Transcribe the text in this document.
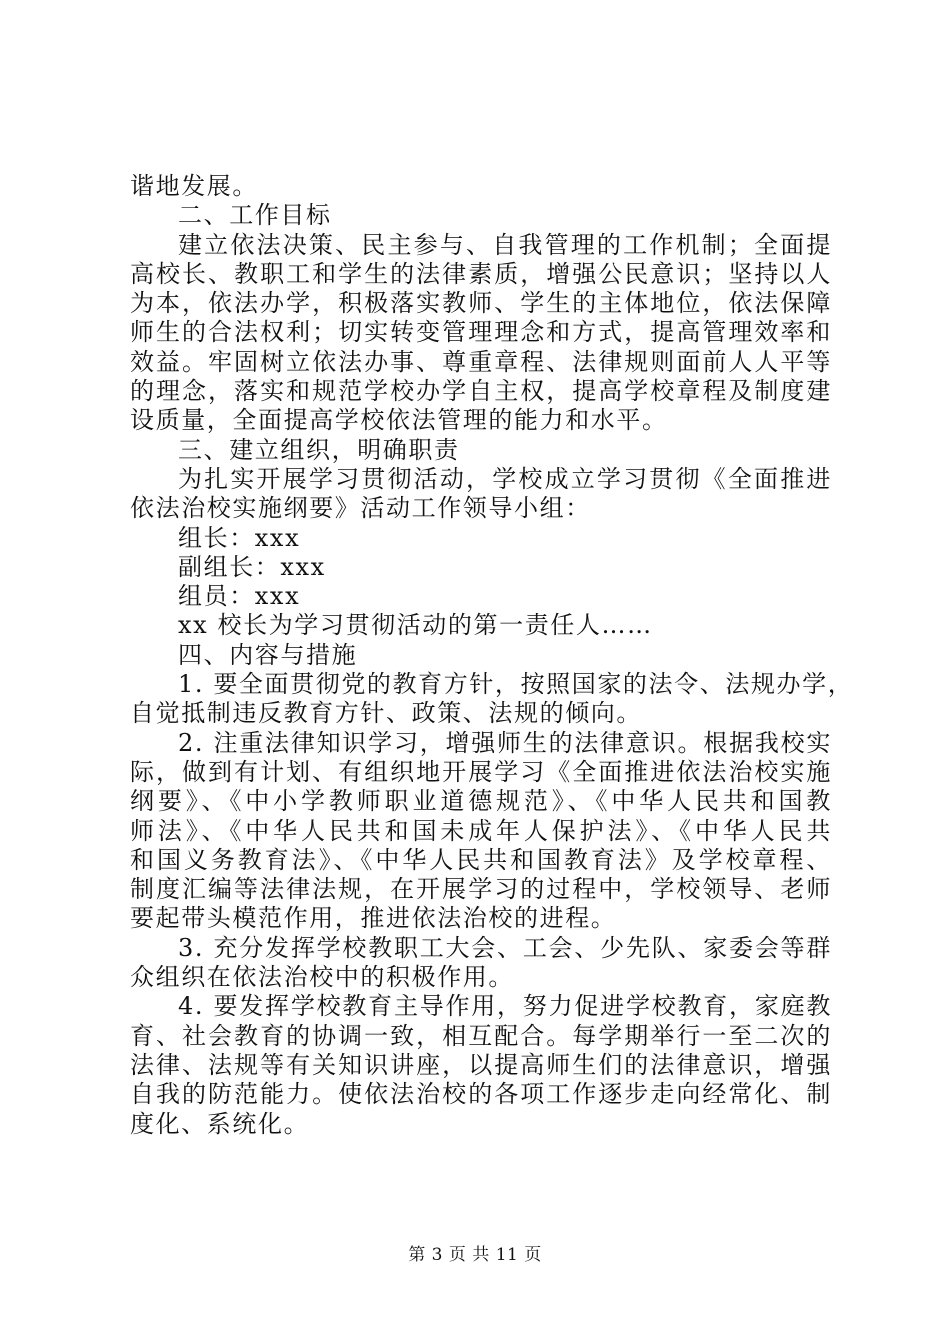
谐地发展。
二、工作目标
建立依法决策、民主参与、自我管理的工作机制；全面提
高校长、教职工和学生的法律素质，增强公民意识；坚持以人
为本，依法办学，积极落实教师、学生的主体地位，依法保障
师生的合法权利；切实转变管理理念和方式，提高管理效率和
效益。牢固树立依法办事、尊重章程、法律规则面前人人平等
的理念，落实和规范学校办学自主权，提高学校章程及制度建
设质量，全面提高学校依法管理的能力和水平。
三、建立组织，明确职责
为扎实开展学习贯彻活动，学校成立学习贯彻《全面推进
依法治校实施纲要》活动工作领导小组：
组长：xxx
副组长：xxx
组员：xxx
xx 校长为学习贯彻活动的第一责任人……
四、内容与措施
1. 要全面贯彻党的教育方针，按照国家的法令、法规办学，
自觉抵制违反教育方针、政策、法规的倾向。
2. 注重法律知识学习，增强师生的法律意识。根据我校实
际，做到有计划、有组织地开展学习《全面推进依法治校实施
纲要》、《中小学教师职业道德规范》、《中华人民共和国教
师法》、《中华人民共和国未成年人保护法》、《中华人民共
和国义务教育法》、《中华人民共和国教育法》及学校章程、
制度汇编等法律法规，在开展学习的过程中，学校领导、老师
要起带头模范作用，推进依法治校的进程。
3. 充分发挥学校教职工大会、工会、少先队、家委会等群
众组织在依法治校中的积极作用。
4. 要发挥学校教育主导作用，努力促进学校教育，家庭教
育、社会教育的协调一致，相互配合。每学期举行一至二次的
法律、法规等有关知识讲座，以提高师生们的法律意识，增强
自我的防范能力。使依法治校的各项工作逐步走向经常化、制
度化、系统化。
第 3 页 共 11 页
